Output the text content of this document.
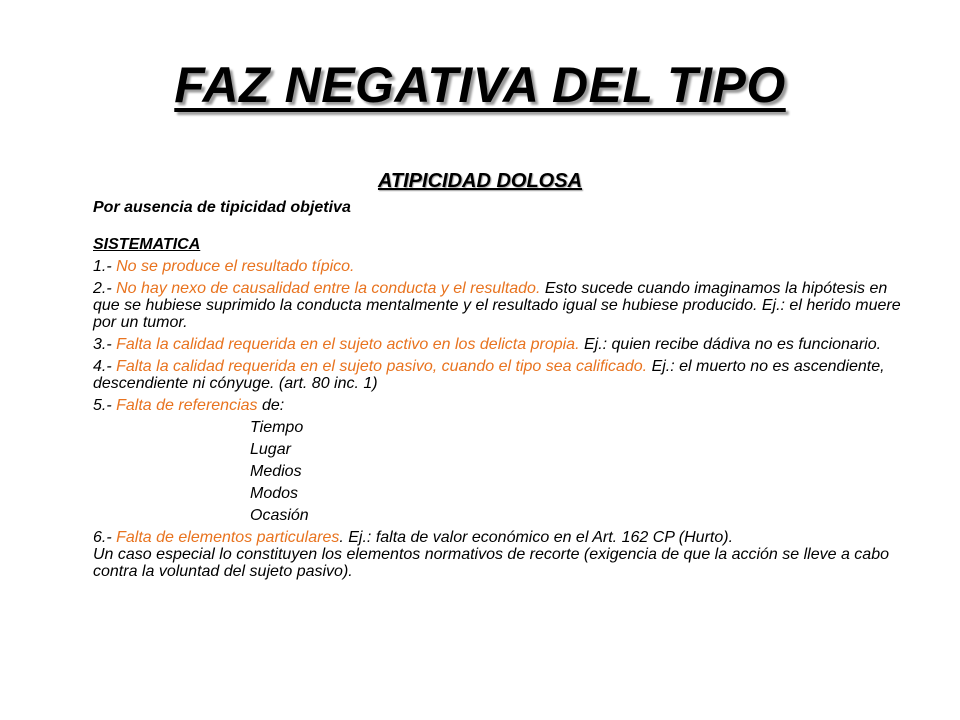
FAZ NEGATIVA DEL TIPO
ATIPICIDAD DOLOSA

Por ausencia de tipicidad objetiva

SISTEMATICA

1.- No se produce el resultado típico.

2.- No hay nexo de causalidad entre la conducta y el resultado. Esto sucede cuando imaginamos la hipótesis en que se hubiese suprimido la conducta mentalmente y el resultado igual se hubiese producido. Ej.: el herido muere por un tumor.

3.- Falta la calidad requerida en el sujeto activo en los delicta propia. Ej.: quien recibe dádiva no es funcionario.

4.- Falta la calidad requerida en el sujeto pasivo, cuando el tipo sea calificado. Ej.: el muerto no es ascendiente, descendiente ni cónyuge. (art. 80 inc. 1)

5.- Falta de referencias de:

Tiempo

Lugar

Medios

Modos

Ocasión

6.- Falta de elementos particulares. Ej.: falta de valor económico en el Art. 162 CP (Hurto).

Un caso especial lo constituyen los elementos normativos de recorte (exigencia de que la acción se lleve a cabo contra la voluntad del sujeto pasivo).
